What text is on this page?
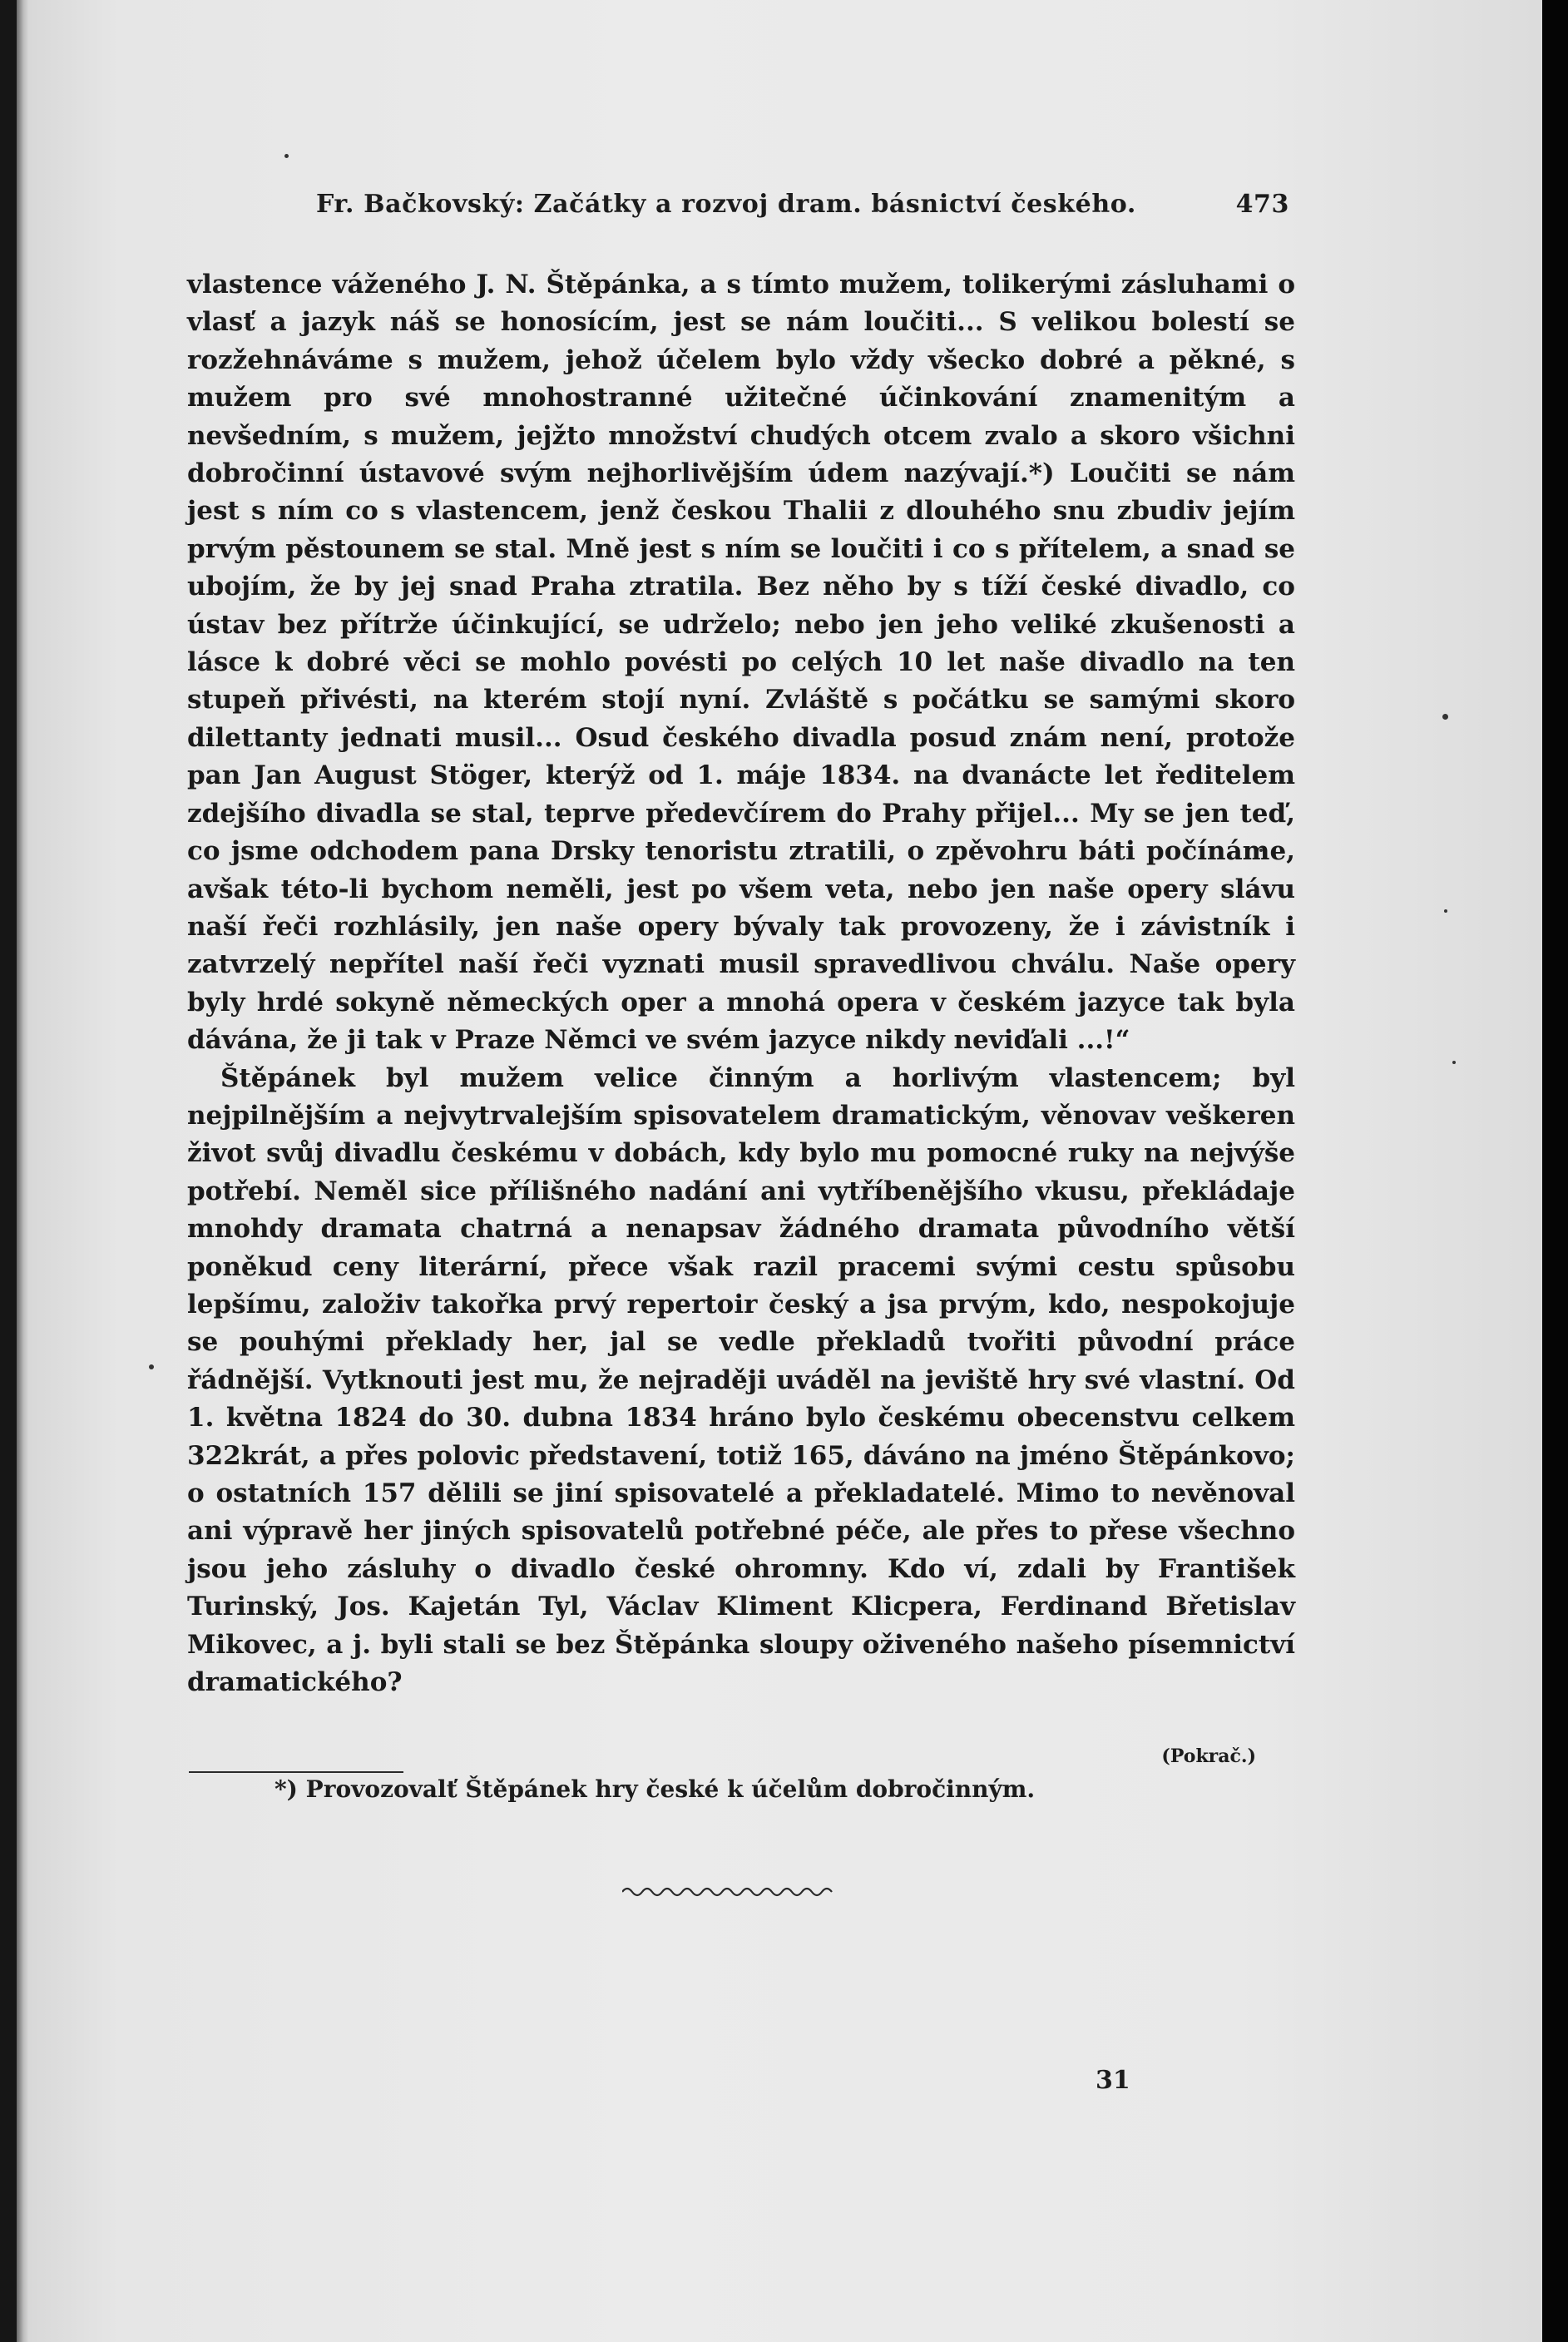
Fr. Bačkovský: Začátky a rozvoj dram. básnictví českého.	473

vlastence váženého J. N. Štěpánka, a s tímto mužem, tolikerými zásluhami o vlasť a jazyk náš se honosícím, jest se nám loučiti... S velikou bolestí se rozžehnáváme s mužem, jehož účelem bylo vždy všecko dobré a pěkné, s mužem pro své mnohostranné užitečné účinkování znamenitým a nevšedním, s mužem, jejžto množství chudých otcem zvalo a skoro všichni dobročinní ústavové svým nejhorlivějším údem nazývají.*) Loučiti se nám jest s ním co s vlastencem, jenž českou Thalii z dlouhého snu zbudiv jejím prvým pěstounem se stal. Mně jest s ním se loučiti i co s přítelem, a snad se ubojím, že by jej snad Praha ztratila. Bez něho by s tíží české divadlo, co ústav bez přítrže účinkující, se udrželo; nebo jen jeho veliké zkušenosti a lásce k dobré věci se mohlo povésti po celých 10 let naše divadlo na ten stupeň přivésti, na kterém stojí nyní. Zvláště s počátku se samými skoro dilettanty jednati musil... Osud českého divadla posud znám není, protože pan Jan August Stöger, kterýž od 1. máje 1834. na dvanácte let ředitelem zdejšího divadla se stal, teprve předevčírem do Prahy přijel... My se jen teď, co jsme odchodem pana Drsky tenoristu ztratili, o zpěvohru báti počínáme, avšak této-li bychom neměli, jest po všem veta, nebo jen naše opery slávu naší řeči rozhlásily, jen naše opery bývaly tak provozeny, že i závistník i zatvrzelý nepřítel naší řeči vyznati musil spravedlivou chválu. Naše opery byly hrdé sokyně německých oper a mnohá opera v českém jazyce tak byla dávána, že ji tak v Praze Němci ve svém jazyce nikdy neviďali ...!“

Štěpánek byl mužem velice činným a horlivým vlastencem; byl nejpilnějším a nejvytrvalejším spisovatelem dramatickým, věnovav veškeren život svůj divadlu českému v dobách, kdy bylo mu pomocné ruky na nejvýše potřebí. Neměl sice přílišného nadání ani vytříbenějšího vkusu, překládaje mnohdy dramata chatrná a nenapsav žádného dramata původního větší poněkud ceny literární, přece však razil pracemi svými cestu spůsobu lepšímu, založiv takořka prvý repertoir český a jsa prvým, kdo, nespokojuje se pouhými překlady her, jal se vedle překladů tvořiti původní práce řádnější. Vytknouti jest mu, že nejraději uváděl na jeviště hry své vlastní. Od 1. května 1824 do 30. dubna 1834 hráno bylo českému obecenstvu celkem 322krát, a přes polovic představení, totiž 165, dáváno na jméno Štěpánkovo; o ostatních 157 dělili se jiní spisovatelé a překladatelé. Mimo to nevěnoval ani výpravě her jiných spisovatelů potřebné péče, ale přes to přese všechno jsou jeho zásluhy o divadlo české ohromny. Kdo ví, zdali by František Turinský, Jos. Kajetán Tyl, Václav Kliment Klicpera, Ferdinand Břetislav Mikovec, a j. byli stali se bez Štěpánka sloupy oživeného našeho písemnictví dramatického?

(Pokrač.)
*) Provozovalť Štěpánek hry české k účelům dobročinným.
31
